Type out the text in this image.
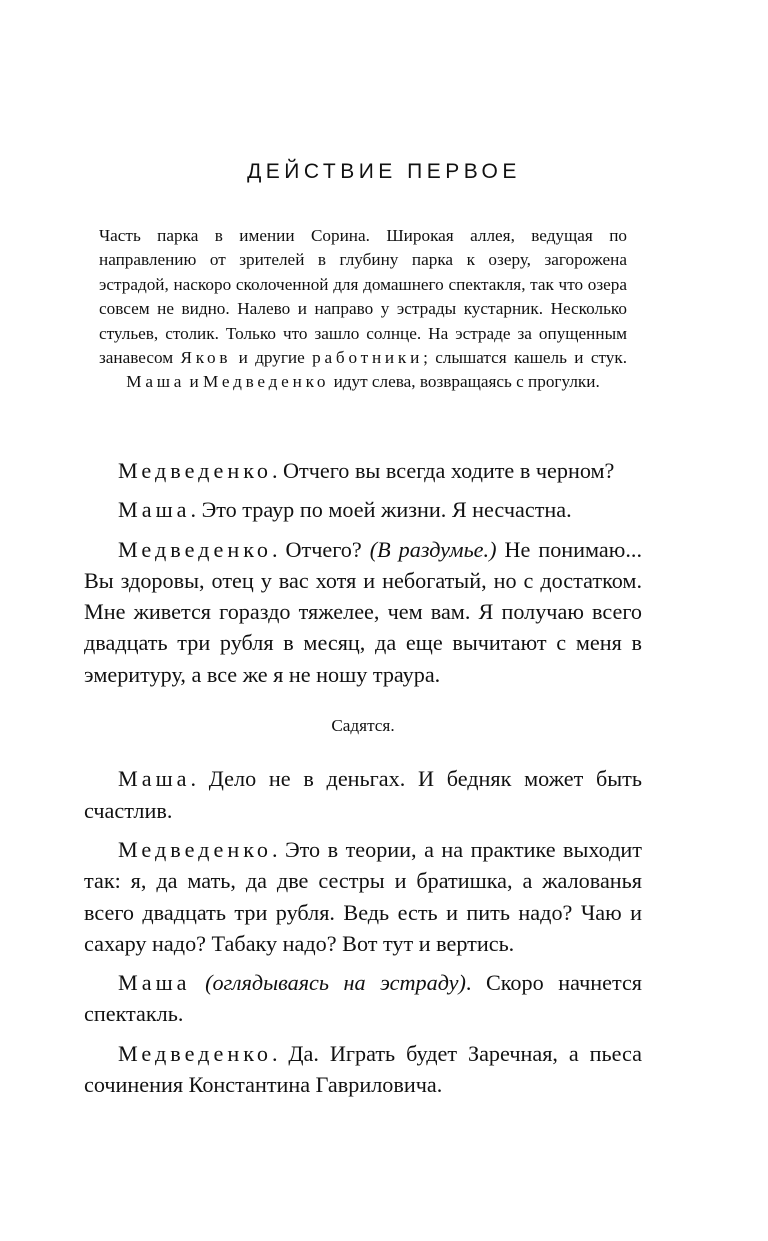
ДЕЙСТВИЕ ПЕРВОЕ

Часть парка в имении Сорина. Широкая аллея, ведущая по направлению от зрителей в глубину парка к озеру, загорожена эстрадой, наскоро сколоченной для домашнего спектакля, так что озера совсем не видно. Налево и направо у эстрады кустарник. Несколько стульев, столик. Только что зашло солнце. На эстраде за опущенным занавесом Яков и другие работники; слышатся кашель и стук. Маша и Медведенко идут слева, возвращаясь с прогулки.

Медведенко. Отчего вы всегда ходите в черном?

Маша. Это траур по моей жизни. Я несчастна.

Медведенко. Отчего? (В раздумье.) Не понимаю... Вы здоровы, отец у вас хотя и небогатый, но с достатком. Мне живется гораздо тяжелее, чем вам. Я получаю всего двадцать три рубля в месяц, да еще вычитают с меня в эмеритуру, а все же я не ношу траура.

Садятся.

Маша. Дело не в деньгах. И бедняк может быть счастлив.

Медведенко. Это в теории, а на практике выходит так: я, да мать, да две сестры и братишка, а жалованья всего двадцать три рубля. Ведь есть и пить надо? Чаю и сахару надо? Табаку надо? Вот тут и вертись.

Маша (оглядываясь на эстраду). Скоро начнется спектакль.

Медведенко. Да. Играть будет Заречная, а пьеса сочинения Константина Гавриловича.
